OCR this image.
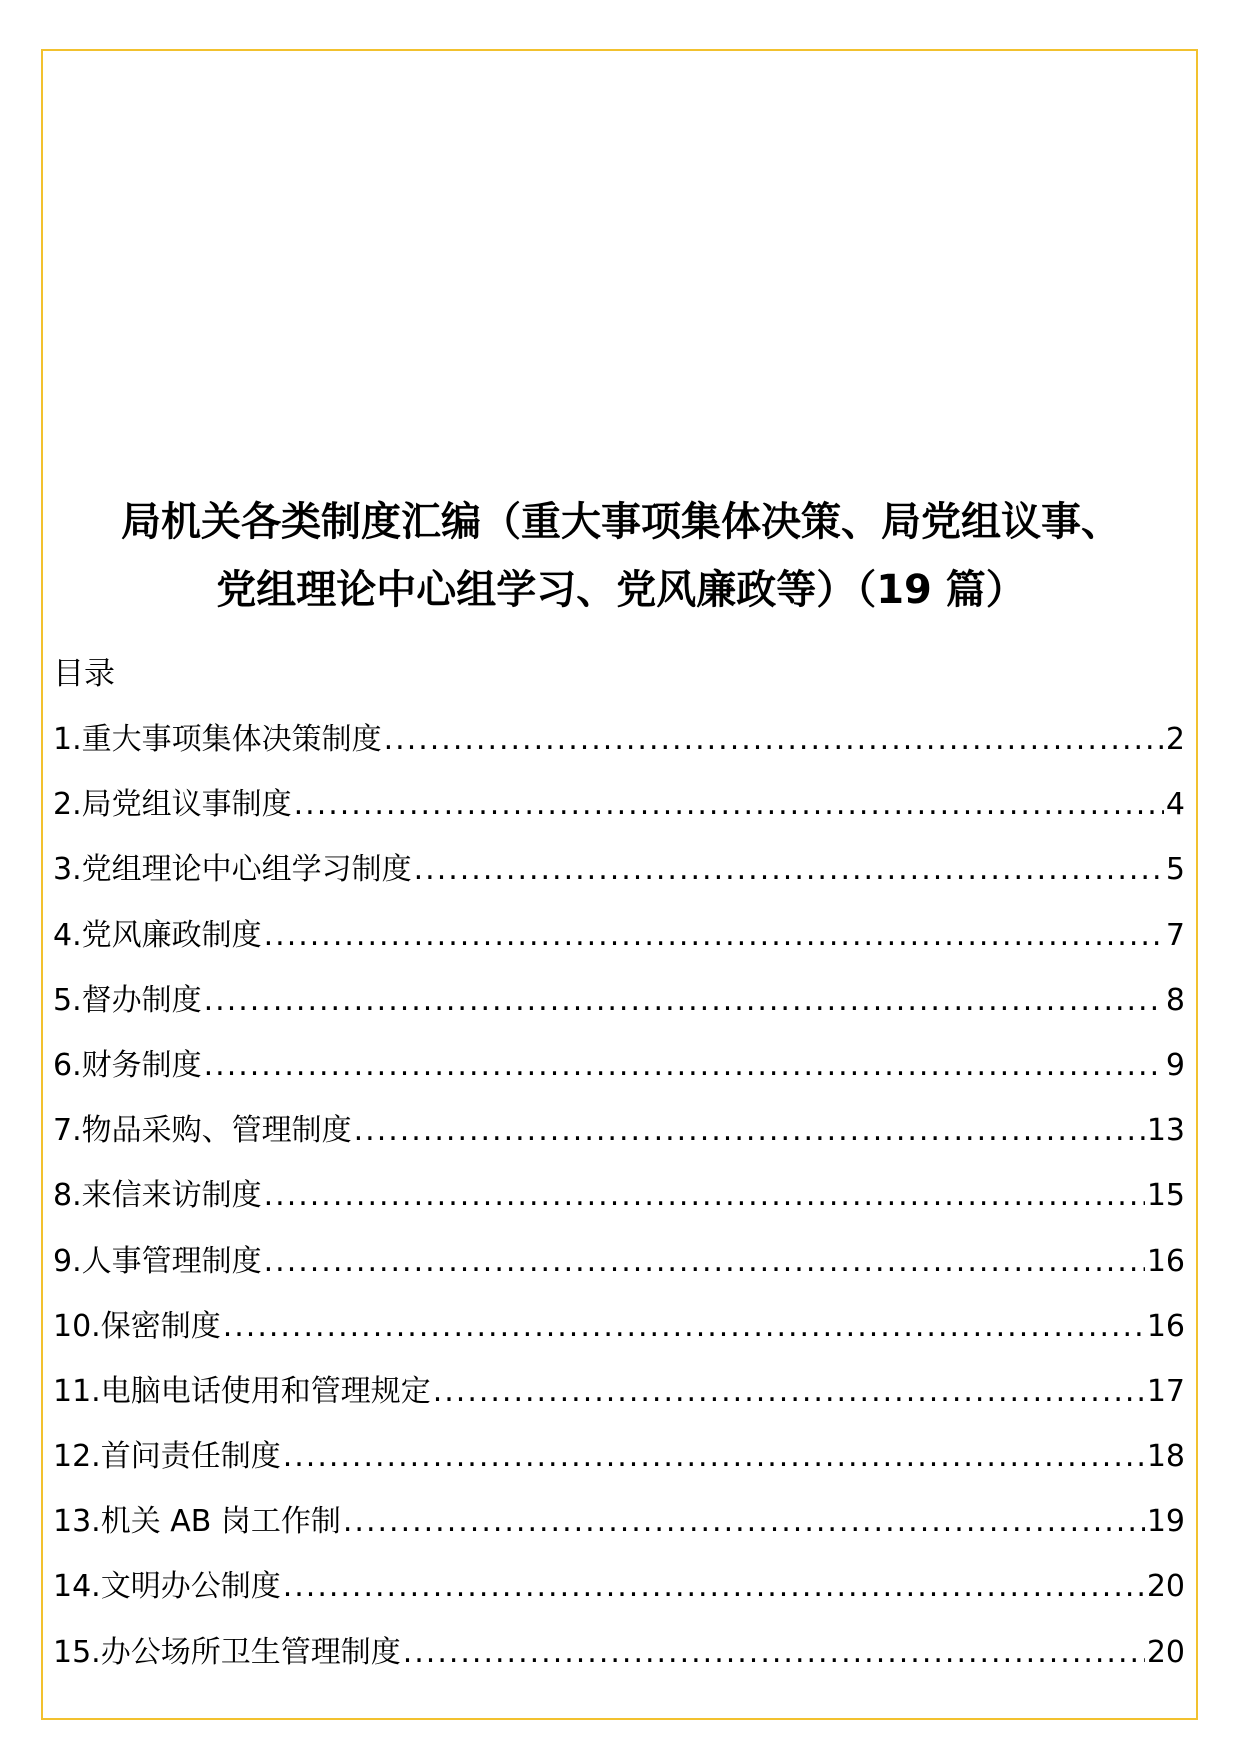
局机关各类制度汇编（重大事项集体决策、局党组议事、
党组理论中心组学习、党风廉政等）（19 篇）
目录
1.重大事项集体决策制度 .....	2
2.局党组议事制度 .....	4
3.党组理论中心组学习制度 .....	5
4.党风廉政制度 .....	7
5.督办制度 .....	8
6.财务制度 .....	9
7.物品采购、管理制度 .....	13
8.来信来访制度 .....	15
9.人事管理制度 .....	16
10.保密制度 .....	16
11.电脑电话使用和管理规定 .....	17
12.首问责任制度 .....	18
13.机关 AB 岗工作制 .....	19
14.文明办公制度 .....	20
15.办公场所卫生管理制度 .....	20
